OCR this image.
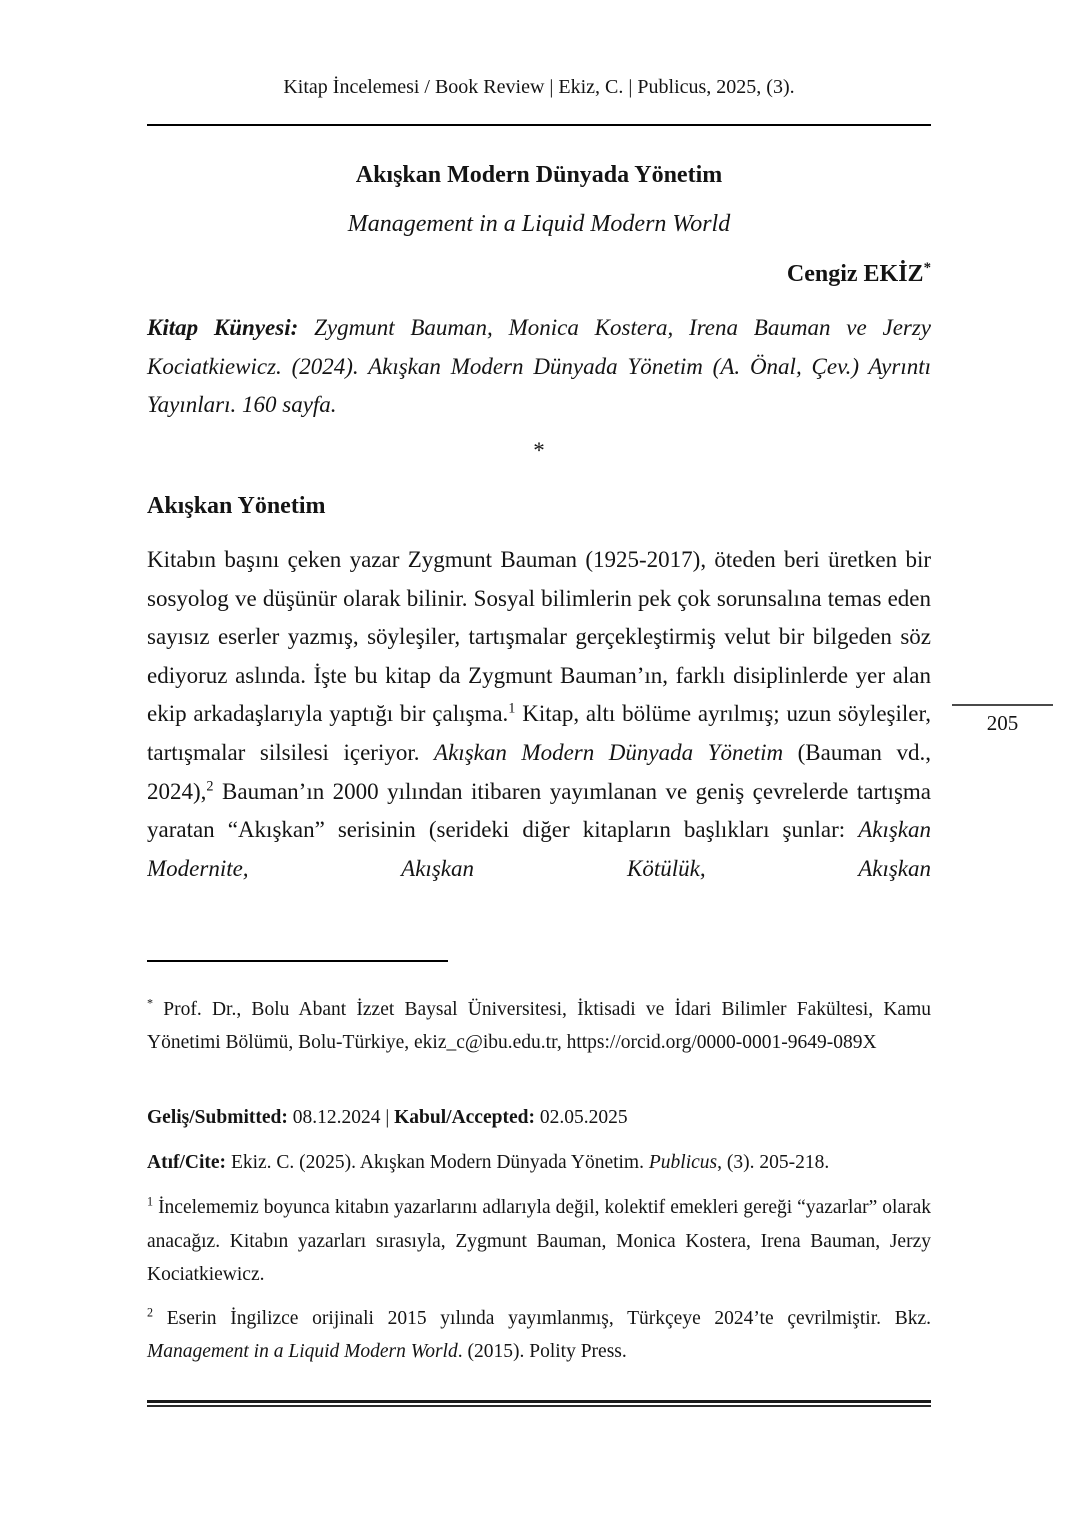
Kitap İncelemesi / Book Review | Ekiz, C. | Publicus, 2025, (3).
Akışkan Modern Dünyada Yönetim
Management in a Liquid Modern World
Cengiz EKİZ*
Kitap Künyesi: Zygmunt Bauman, Monica Kostera, Irena Bauman ve Jerzy Kociatkiewicz. (2024). Akışkan Modern Dünyada Yönetim (A. Önal, Çev.) Ayrıntı Yayınları. 160 sayfa.
*
Akışkan Yönetim
Kitabın başını çeken yazar Zygmunt Bauman (1925-2017), öteden beri üretken bir sosyolog ve düşünür olarak bilinir. Sosyal bilimlerin pek çok sorunsalına temas eden sayısız eserler yazmış, söyleşiler, tartışmalar gerçekleştirmiş velut bir bilgeden söz ediyoruz aslında. İşte bu kitap da Zygmunt Bauman’ın, farklı disiplinlerde yer alan ekip arkadaşlarıyla yaptığı bir çalışma.$^1$ Kitap, altı bölüme ayrılmış; uzun söyleşiler, tartışmalar silsilesi içeriyor. Akışkan Modern Dünyada Yönetim (Bauman vd., 2024),$^2$ Bauman’ın 2000 yılından itibaren yayımlanan ve geniş çevrelerde tartışma yaratan “Akışkan” serisinin (serideki diğer kitapların başlıkları şunlar: Akışkan Modernite, Akışkan Kötülük, Akışkan
205
* Prof. Dr., Bolu Abant İzzet Baysal Üniversitesi, İktisadi ve İdari Bilimler Fakültesi, Kamu Yönetimi Bölümü, Bolu-Türkiye, ekiz_c@ibu.edu.tr, https://orcid.org/0000-0001-9649-089X
Geliş/Submitted: 08.12.2024 | Kabul/Accepted: 02.05.2025
Atıf/Cite: Ekiz. C. (2025). Akışkan Modern Dünyada Yönetim. Publicus, (3). 205-218.
$^1$ İncelememiz boyunca kitabın yazarlarını adlarıyla değil, kolektif emekleri gereği “yazarlar” olarak anacağız. Kitabın yazarları sırasıyla, Zygmunt Bauman, Monica Kostera, Irena Bauman, Jerzy Kociatkiewicz.
$^2$ Eserin İngilizce orijinali 2015 yılında yayımlanmış, Türkçeye 2024’te çevrilmiştir. Bkz. Management in a Liquid Modern World. (2015). Polity Press.
